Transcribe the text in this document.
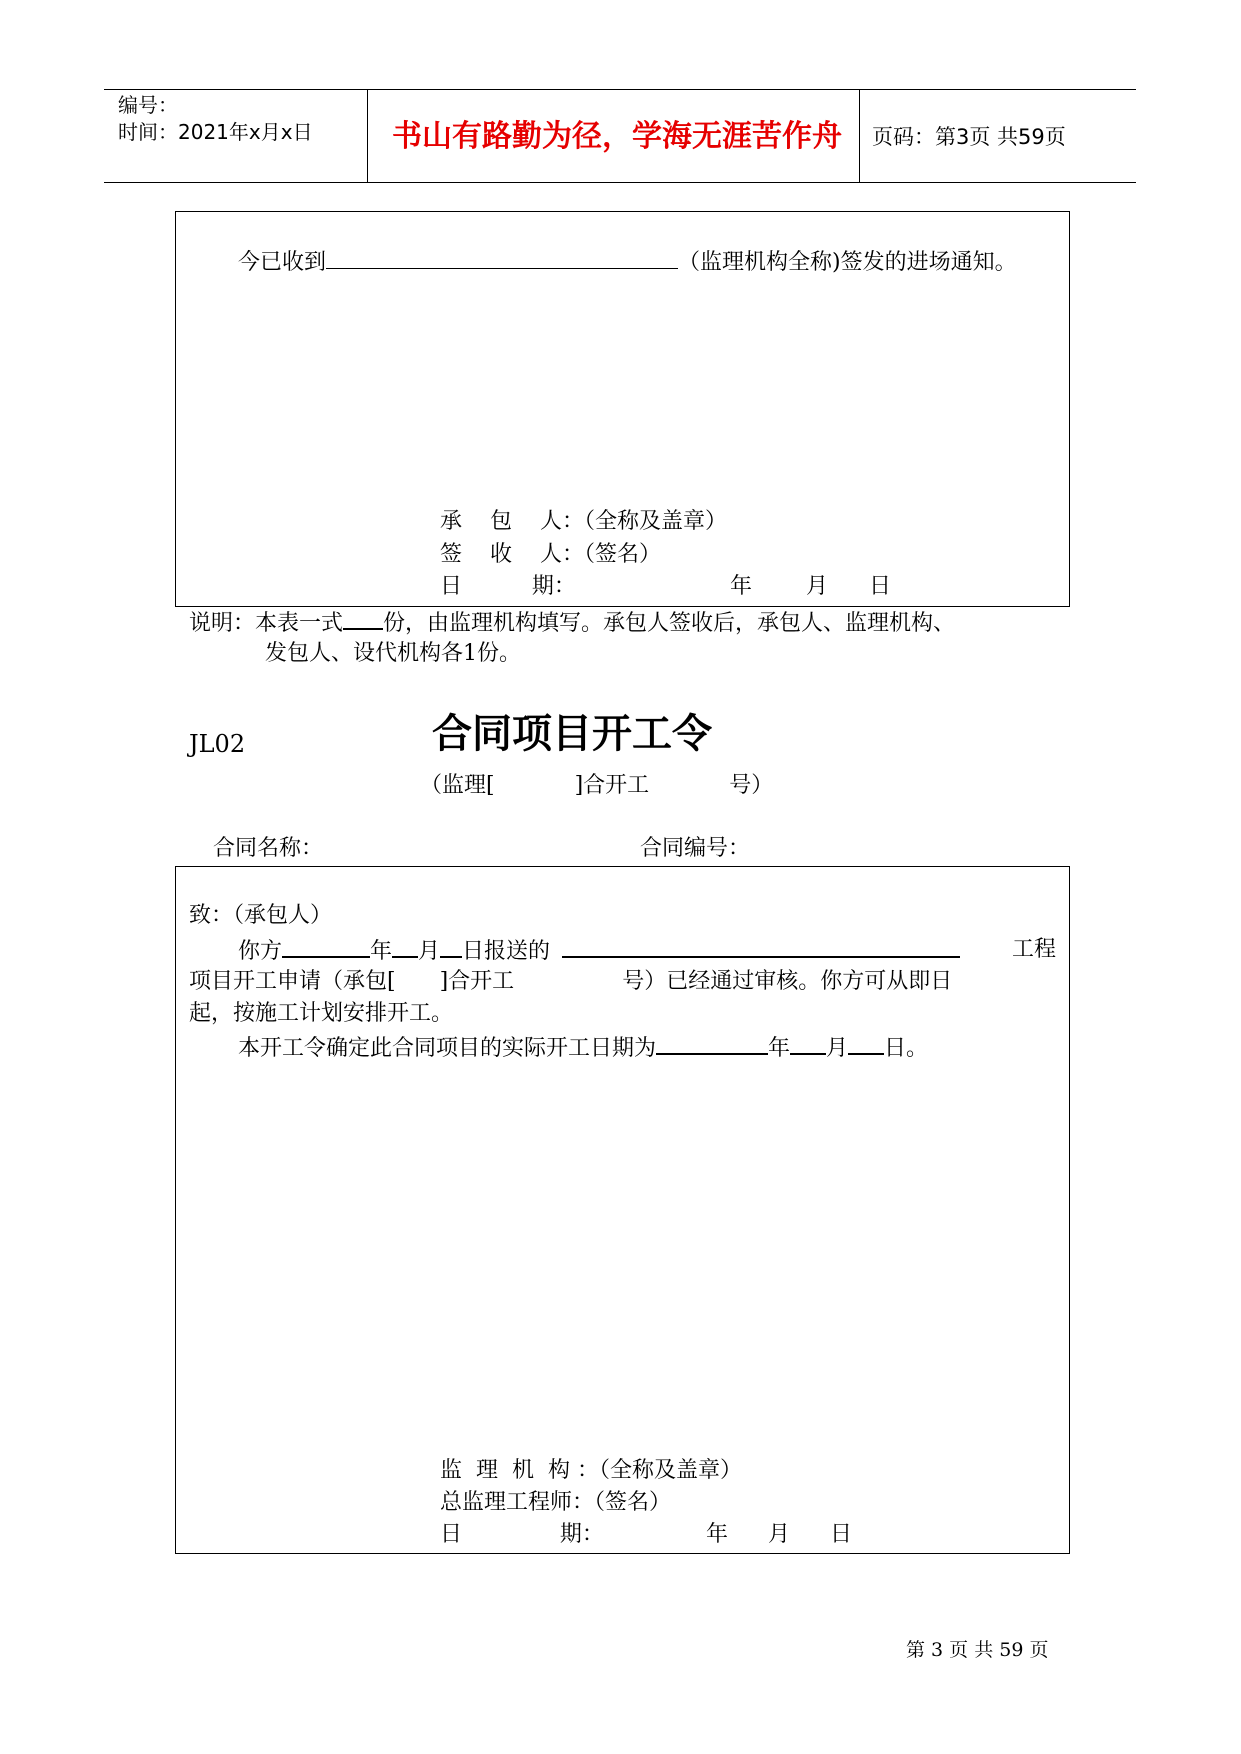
编号：
时间：2021年x月x日	书山有路勤为径，学海无涯苦作舟 页码：第3页 共59页
今已收到	（监理机构全称)签发的进场通知。
承    包    人：（全称及盖章）
签    收    人：（签名）
日          期：	年 月 日
说明：本表一式 份，由监理机构填写。承包人签收后，承包人、监理机构、
发包人、设代机构各1份。
JL02	合同项目开工令
（监理[	]合开工	号）
合同名称：	合同编号：
致：（承包人）
你方	年 月 日报送的	工程
项目开工申请（承包[ ]合开工	号）已经通过审核。你方可从即日
起，按施工计划安排开工。
本开工令确定此合同项目的实际开工日期为	年 月 日。
监  理  机  构 ：（全称及盖章）
总监理工程师：（签名）
日              期：	年 月 日
第 3 页 共 59 页
